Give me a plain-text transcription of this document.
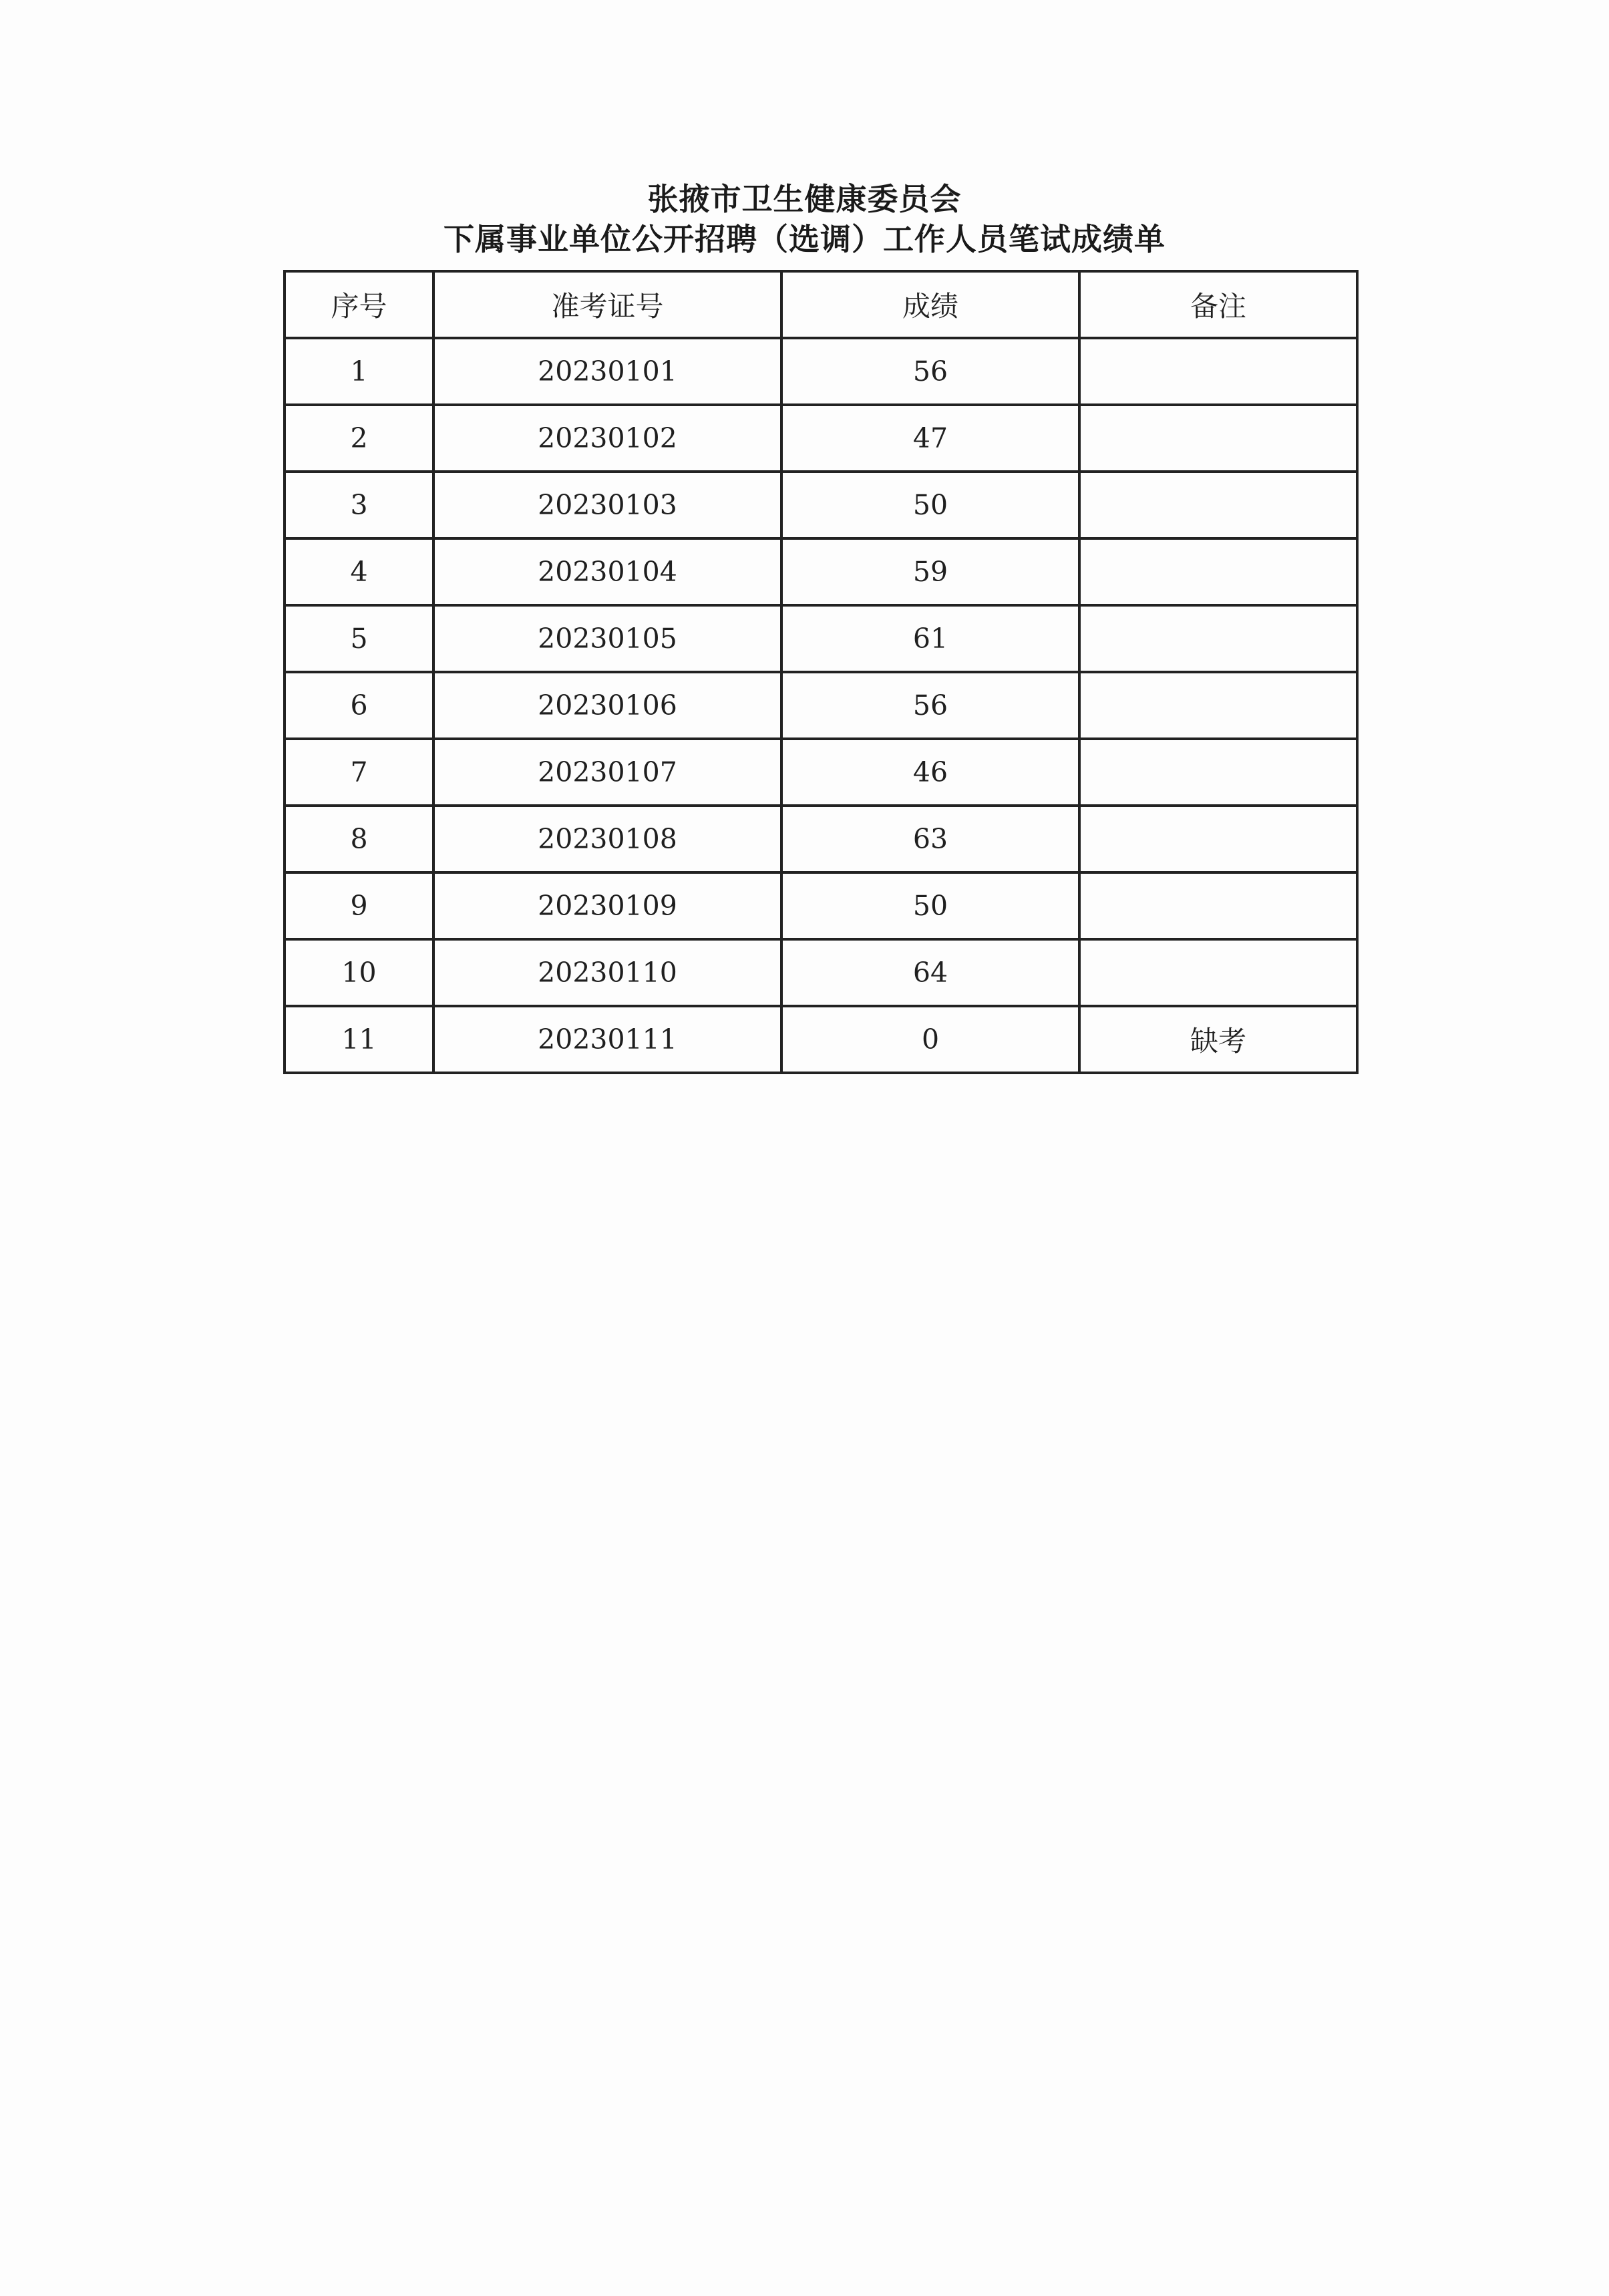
张掖市卫生健康委员会
下属事业单位公开招聘（选调）工作人员笔试成绩单
序号	准考证号	成绩	备注
1	20230101	56	
2	20230102	47	
3	20230103	50	
4	20230104	59	
5	20230105	61	
6	20230106	56	
7	20230107	46	
8	20230108	63	
9	20230109	50	
10	20230110	64	
11	20230111	0	缺考
